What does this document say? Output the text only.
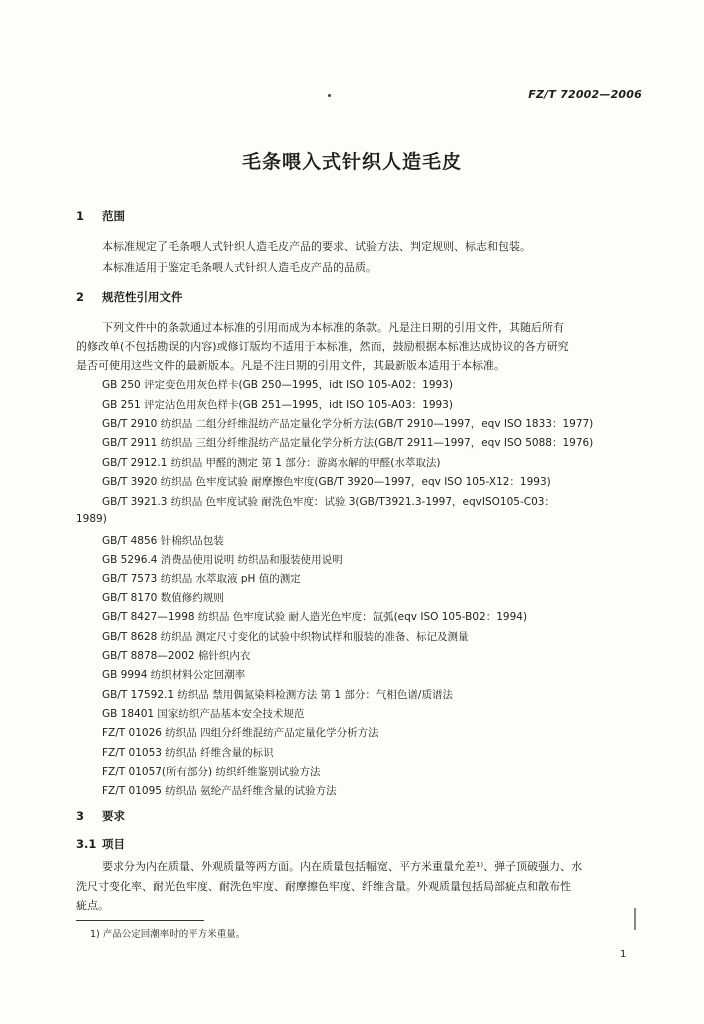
FZ/T 72002—2006
毛条喂入式针织人造毛皮
1 范围
本标准规定了毛条喂人式针织人造毛皮产品的要求、试验方法、判定规则、标志和包装。
本标准适用于鉴定毛条喂人式针织人造毛皮产品的品质。
2 规范性引用文件
下列文件中的条款通过本标准的引用而成为本标准的条款。凡是注日期的引用文件，其随后所有
的修改单(不包括勘误的内容)或修订版均不适用于本标准，然而，鼓励根据本标准达成协议的各方研究
是否可使用这些文件的最新版本。凡是不注日期的引用文件，其最新版本适用于本标准。
GB 250 评定变色用灰色样卡(GB 250—1995，idt ISO 105-A02：1993)
GB 251 评定沾色用灰色样卡(GB 251—1995，idt ISO 105-A03：1993)
GB/T 2910 纺织品 二组分纤维混纺产品定量化学分析方法(GB/T 2910—1997，eqv ISO 1833：1977)
GB/T 2911 纺织品 三组分纤维混纺产品定量化学分析方法(GB/T 2911—1997，eqv ISO 5088：1976)
GB/T 2912.1 纺织品 甲醛的测定 第 1 部分：游离水解的甲醛(水萃取法)
GB/T 3920 纺织品 色牢度试验 耐摩擦色牢度(GB/T 3920—1997，eqv ISO 105-X12：1993)
GB/T 3921.3 纺织品 色牢度试验 耐洗色牢度：试验 3(GB/T3921.3-1997，eqvISO105-C03：
1989)
GB/T 4856 针棉织品包装
GB 5296.4 消费品使用说明 纺织品和服装使用说明
GB/T 7573 纺织品 水萃取液 pH 值的测定
GB/T 8170 数值修约规则
GB/T 8427—1998 纺织品 色牢度试验 耐人造光色牢度：氙弧(eqv ISO 105-B02：1994)
GB/T 8628 纺织品 测定尺寸变化的试验中织物试样和服装的准备、标记及测量
GB/T 8878—2002 棉针织内衣
GB 9994 纺织材料公定回潮率
GB/T 17592.1 纺织品 禁用偶氮染料检测方法 第 1 部分：气相色谱/质谱法
GB 18401 国家纺织产品基本安全技术规范
FZ/T 01026 纺织品 四组分纤维混纺产品定量化学分析方法
FZ/T 01053 纺织品 纤维含量的标识
FZ/T 01057(所有部分) 纺织纤维鉴别试验方法
FZ/T 01095 纺织品 氨纶产品纤维含量的试验方法
3 要求
3.1 项目
要求分为内在质量、外观质量等两方面。内在质量包括幅宽、平方米重量允差¹⁾、弹子顶破强力、水
洗尺寸变化率、耐光色牢度、耐洗色牢度、耐摩擦色牢度、纤维含量。外观质量包括局部疵点和散布性
疵点。
1) 产品公定回潮率时的平方米重量。
1
